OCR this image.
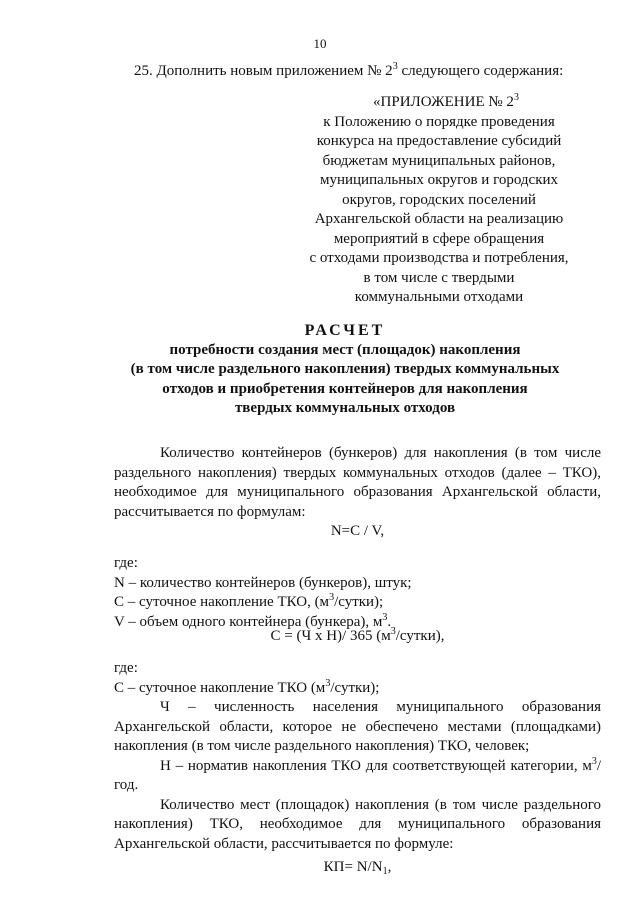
10
25. Дополнить новым приложением № $2^3$ следующего содержания:
«ПРИЛОЖЕНИЕ № $2^3$
к Положению о порядке проведения
конкурса на предоставление субсидий
бюджетам муниципальных районов,
муниципальных округов и городских
округов, городских поселений
Архангельской области на реализацию
мероприятий в сфере обращения
с отходами производства и потребления,
в том числе с твердыми
коммунальными отходами
РАСЧЕТ
потребности создания мест (площадок) накопления
(в том числе раздельного накопления) твердых коммунальных
отходов и приобретения контейнеров для накопления
твердых коммунальных отходов

Количество контейнеров (бункеров) для накопления (в том числе раздельного накопления) твердых коммунальных отходов (далее – ТКО), необходимое для муниципального образования Архангельской области, рассчитывается по формулам:

N=C / V,
где:
N – количество контейнеров (бункеров), штук;
C – суточное накопление ТКО, $(м^3/сутки)$;
V – объем одного контейнера (бункера), $м^3$.
C = (Ч х Н)/ 365 $(м^3/сутки)$,
где:
C – суточное накопление ТКО $(м^3/сутки)$;

Ч – численность населения муниципального образования Архангельской области, которое не обеспечено местами (площадками) накопления (в том числе раздельного накопления) ТКО, человек;

Н – норматив накопления ТКО для соответствующей категории, $м^3$/год.

Количество мест (площадок) накопления (в том числе раздельного накопления) ТКО, необходимое для муниципального образования Архангельской области, рассчитывается по формуле:

$КП= N/N_1$,
